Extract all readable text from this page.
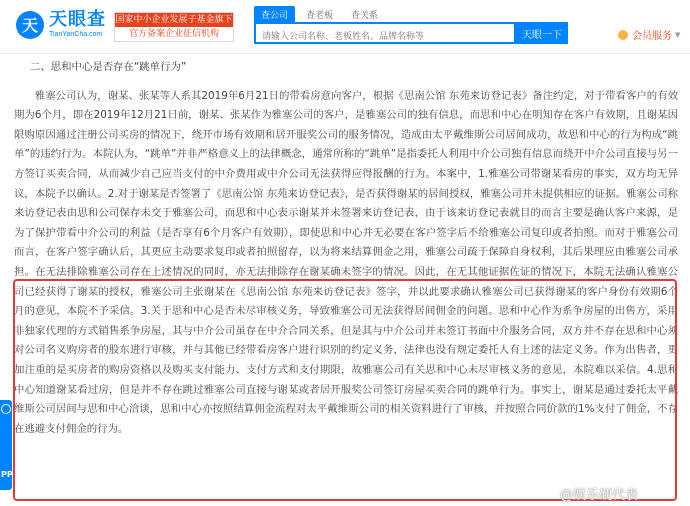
天 天眼查
TianYanCha.com
国家中小企业发展子基金旗下
官方备案企业征信机构
查公司	查老板	查关系
请输入公司名称、老板姓名、品牌名称等
天眼一下	会员服务 ▼
二、思和中心是否存在“跳单行为”

雅塞公司认为，谢某、张某等人系其2019年6月21日的带看房意向客户，根据《思南公馆 东苑来访登记表》备注约定，对于带看客户的有效期为6个月，即在2019年12月21日前，谢某、张某作为雅塞公司的客户，是雅塞公司的独有信息，而思和中心在明知存在客户有效期，且谢某因限购原因通过注册公司买房的情况下，绕开市场有效期和居开服奖公司的服务情况，造成由太平戴维斯公司居间成功，故思和中心的行为构成“跳单”的违约行为。本院认为，“跳单”并非严格意义上的法律概念，通常所称的“跳单”是指委托人利用中介公司独有信息而绕开中介公司直接与另一方签订买卖合同，从而减少自己应当支付的中介费用或中介公司无法获得应得报酬的行为。本案中，1.雅塞公司带谢某看房的事实，双方均无异议，本院予以确认。2.对于谢某是否签署了《思南公馆 东苑来访登记表》，是否获得谢某的居间授权，雅塞公司并未提供相应的证据。雅塞公司称来访登记表由思和公司保存未交于雅塞公司，而思和中心表示谢某并未签署来访登记表，由于该来访登记表就目的而言主要是确认客户来源，是为了保护带看中介公司的利益（是否享有6个月客户有效期），即使思和中心并无必要在客户签字后不给雅塞公司复印或者拍照。而对于雅塞公司而言，在客户签字确认后，其更应主动要求复印或者拍照留存，以为将来结算佣金之用，雅塞公司疏于保障自身权利，其后果理应由雅塞公司承担。在无法排除雅塞公司存在上述情况的同时，亦无法排除存在谢某确未签字的情况。因此，在无其他证据佐证的情况下，本院无法确认雅塞公司已经获得了谢某的授权，雅塞公司主张谢某在《思南公馆 东苑来访登记表》签字，并以此要求确认雅塞公司已获得谢某的客户身份有效期6个月的意见，本院不予采信。3.关于思和中心是否未尽审核义务，导致雅塞公司无法获得居间佣金的问题。思和中心作为系争房屋的出售方，采用非独家代理的方式销售系争房屋，其与中介公司虽存在中介合同关系，但是其与中介公司并未签订书面中介服务合同，双方并不存在思和中心须对公司名义购房者的股东进行审核，并与其他已经带看房客户进行识别的约定义务，法律也没有规定委托人有上述的法定义务。作为出售者，更加注重的是买房者的购房资格以及购买支付能力、支付方式和支付期限，故雅塞公司有关思和中心未尽审核义务的意见，本院难以采信。4.思和中心知道谢某看过房，但是并不存在跳过雅塞公司直接与谢某或者居开服奖公司签订房屋买卖合同的跳单行为。事实上，谢某是通过委托太平戴维斯公司居间与思和中心洽谈，思和中心亦按照结算佣金流程对太平戴维斯公司的相关资料进行了审核，并按照合同价款的1%支付了佣金，不存在逃避支付佣金的行为。

PP
@娱乐硬代表
